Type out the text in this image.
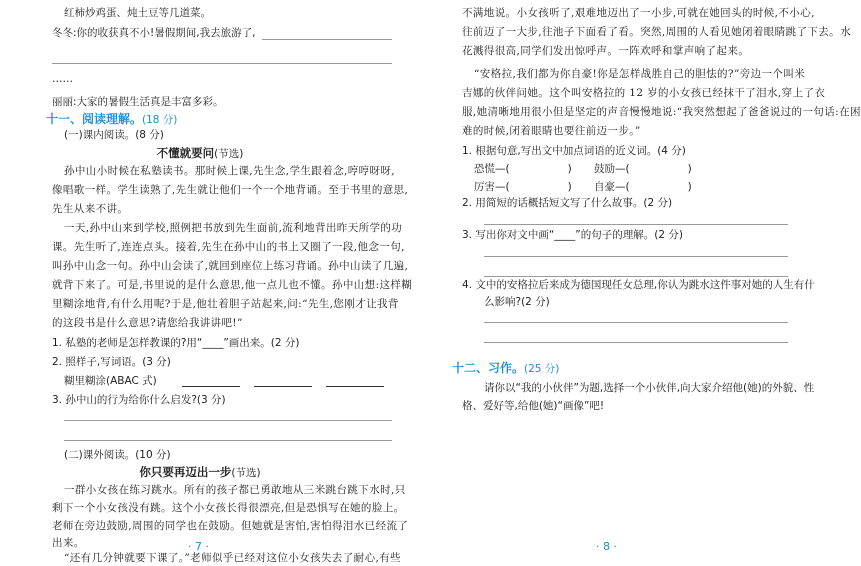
红柿炒鸡蛋、炖土豆等几道菜。
冬冬:你的收获真不小!暑假期间,我去旅游了,
……
丽丽:大家的暑假生活真是丰富多彩。
十一、阅读理解。(18 分)
(一)课内阅读。(8 分)
不懂就要问(节选)
孙中山小时候在私塾读书。那时候上课,先生念,学生跟着念,哼哼呀呀,
像唱歌一样。学生读熟了,先生就让他们一个一个地背诵。至于书里的意思,
先生从来不讲。
一天,孙中山来到学校,照例把书放到先生面前,流利地背出昨天所学的功
课。先生听了,连连点头。接着,先生在孙中山的书上又圈了一段,他念一句,
叫孙中山念一句。孙中山会读了,就回到座位上练习背诵。孙中山读了几遍,
就背下来了。可是,书里说的是什么意思,他一点儿也不懂。孙中山想:这样糊
里糊涂地背,有什么用呢?于是,他壮着胆子站起来,问:“先生,您刚才让我背
的这段书是什么意思?请您给我讲讲吧!”
1. 私塾的老师是怎样教课的?用“____”画出来。(2 分)
2. 照样子,写词语。(3 分)
糊里糊涂(ABAC 式)
3. 孙中山的行为给你什么启发?(3 分)
(二)课外阅读。(10 分)
你只要再迈出一步(节选)
一群小女孩在练习跳水。所有的孩子都已勇敢地从三米跳台跳下水时,只
剩下一个小女孩没有跳。这个小女孩长得很漂亮,但是恐惧写在她的脸上。
老师在旁边鼓励,周围的同学也在鼓励。但她就是害怕,害怕得泪水已经流了
出来。
“还有几分钟就要下课了。”老师似乎已经对这位小女孩失去了耐心,有些
· 7 ·
不满地说。小女孩听了,艰难地迈出了一小步,可就在她回头的时候,不小心,
往前迈了一大步,往池子下面看了看。突然,周围的人看见她闭着眼睛跳了下去。水
花溅得很高,同学们发出惊呼声。一阵欢呼和掌声响了起来。
“安格拉,我们都为你自豪!你是怎样战胜自己的胆怯的?”旁边一个叫米
吉娜的伙伴问她。这个叫安格拉的 12 岁的小女孩已经抹干了泪水,穿上了衣
服,她清晰地用很小但是坚定的声音慢慢地说:“我突然想起了爸爸说过的一句话:在困
难的时候,闭着眼睛也要往前迈一步。”
1. 根据句意,写出文中加点词语的近义词。(4 分)
恐慌—(	) 鼓励—(	)
厉害—(	) 自豪—(	)
2. 用简短的话概括短文写了什么故事。(2 分)
3. 写出你对文中画“____”的句子的理解。(2 分)
4. 文中的安格拉后来成为德国现任女总理,你认为跳水这件事对她的人生有什
么影响?(2 分)
十二、习作。(25 分)
请你以“我的小伙伴”为题,选择一个小伙伴,向大家介绍他(她)的外貌、性
格、爱好等,给他(她)“画像”吧!
· 8 ·
